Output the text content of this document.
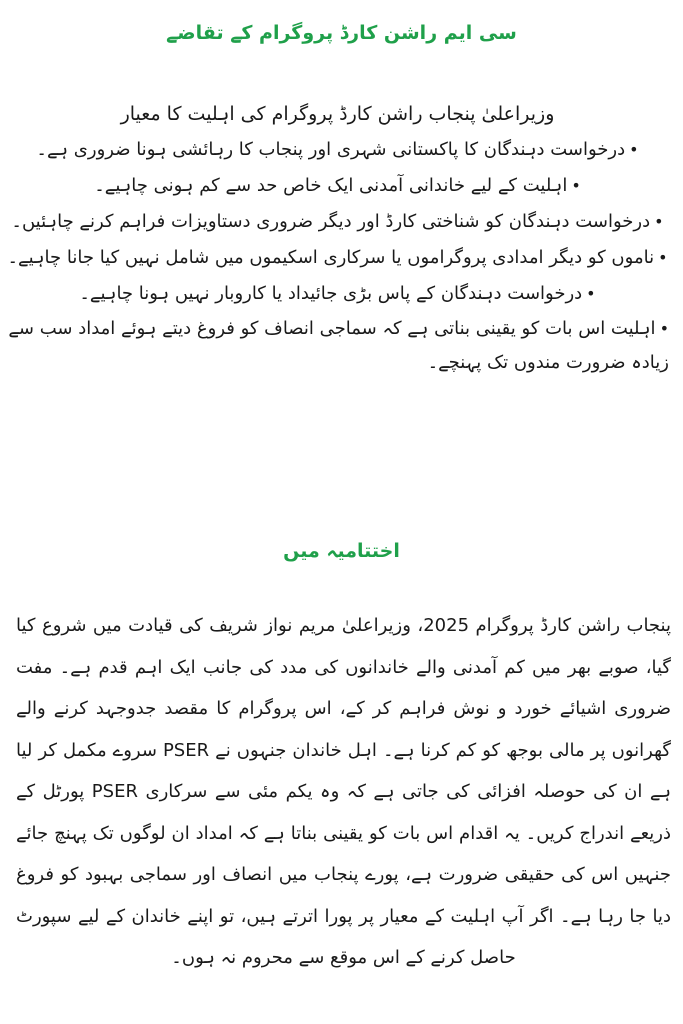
سی ایم راشن کارڈ پروگرام کے تقاضے

وزیراعلیٰ پنجاب راشن کارڈ پروگرام کی اہلیت کا معیار

•درخواست دہندگان کا پاکستانی شہری اور پنجاب کا رہائشی ہونا ضروری ہے۔
•اہلیت کے لیے خاندانی آمدنی ایک خاص حد سے کم ہونی چاہیے۔
•درخواست دہندگان کو شناختی کارڈ اور دیگر ضروری دستاویزات فراہم کرنے چاہئیں۔
•ناموں کو دیگر امدادی پروگراموں یا سرکاری اسکیموں میں شامل نہیں کیا جانا چاہیے۔
•درخواست دہندگان کے پاس بڑی جائیداد یا کاروبار نہیں ہونا چاہیے۔
•اہلیت اس بات کو یقینی بناتی ہے کہ سماجی انصاف کو فروغ دیتے ہوئے امداد سب سے زیادہ ضرورت مندوں تک پہنچے۔
اختتامیہ میں

پنجاب راشن کارڈ پروگرام 2025، وزیراعلیٰ مریم نواز شریف کی قیادت میں شروع کیا گیا، صوبے بھر میں کم آمدنی والے خاندانوں کی مدد کی جانب ایک اہم قدم ہے۔ مفت ضروری اشیائے خورد و نوش فراہم کر کے، اس پروگرام کا مقصد جدوجہد کرنے والے گھرانوں پر مالی بوجھ کو کم کرنا ہے۔ اہل خاندان جنہوں نے PSER سروے مکمل کر لیا ہے ان کی حوصلہ افزائی کی جاتی ہے کہ وہ یکم مئی سے سرکاری PSER پورٹل کے ذریعے اندراج کریں۔ یہ اقدام اس بات کو یقینی بناتا ہے کہ امداد ان لوگوں تک پہنچ جائے جنہیں اس کی حقیقی ضرورت ہے، پورے پنجاب میں انصاف اور سماجی بہبود کو فروغ دیا جا رہا ہے۔ اگر آپ اہلیت کے معیار پر پورا اترتے ہیں، تو اپنے خاندان کے لیے سپورٹ حاصل کرنے کے اس موقع سے محروم نہ ہوں۔
